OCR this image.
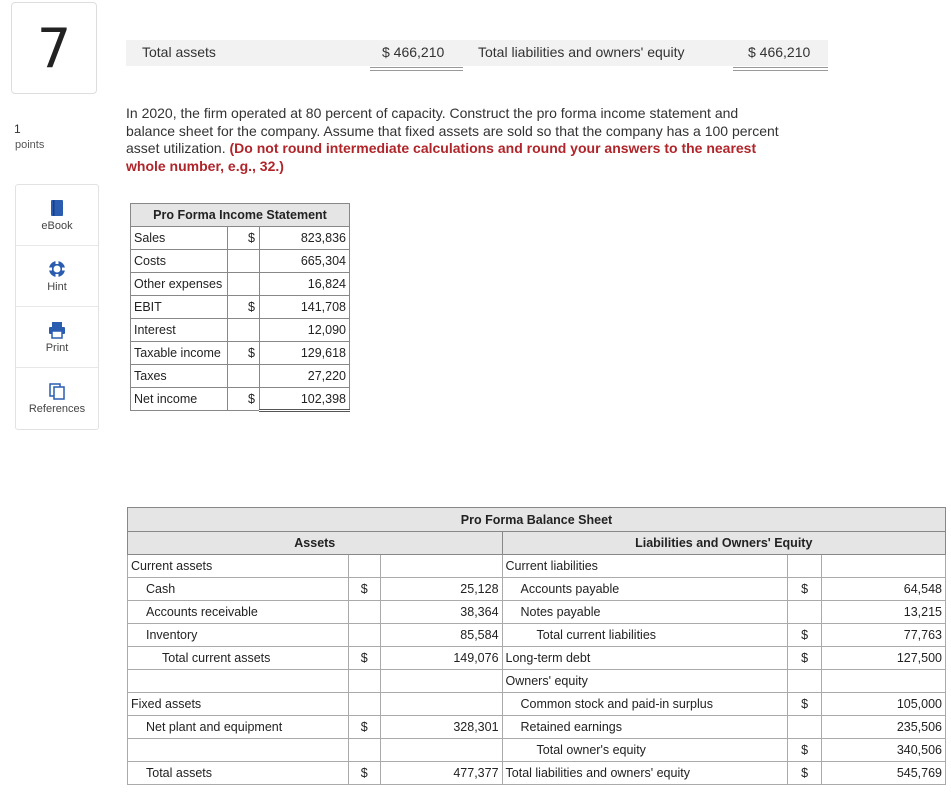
7
1
points
eBook
Hint
Print
References
Total assets	$ 466,210 Total liabilities and owners' equity	$ 466,210
In 2020, the firm operated at 80 percent of capacity. Construct the pro forma income statement and balance sheet for the company. Assume that fixed assets are sold so that the company has a 100 percent asset utilization. (Do not round intermediate calculations and round your answers to the nearest whole number, e.g., 32.)
Pro Forma Income Statement		
Sales	$	823,836
Costs		665,304
Other expenses		16,824
EBIT	$	141,708
Interest		12,090
Taxable income	$	129,618
Taxes		27,220
Net income	$	102,398
Pro Forma Balance Sheet					
Assets			Liabilities and Owners' Equity		
Current assets			Current liabilities		
Cash	$	25,128	Accounts payable	$	64,548
Accounts receivable		38,364	Notes payable		13,215
Inventory		85,584	Total current liabilities	$	77,763
Total current assets	$	149,076	Long-term debt	$	127,500
			Owners' equity		
Fixed assets			Common stock and paid-in surplus	$	105,000
Net plant and equipment	$	328,301	Retained earnings		235,506
			Total owner's equity	$	340,506
Total assets	$	477,377	Total liabilities and owners' equity	$	545,769
